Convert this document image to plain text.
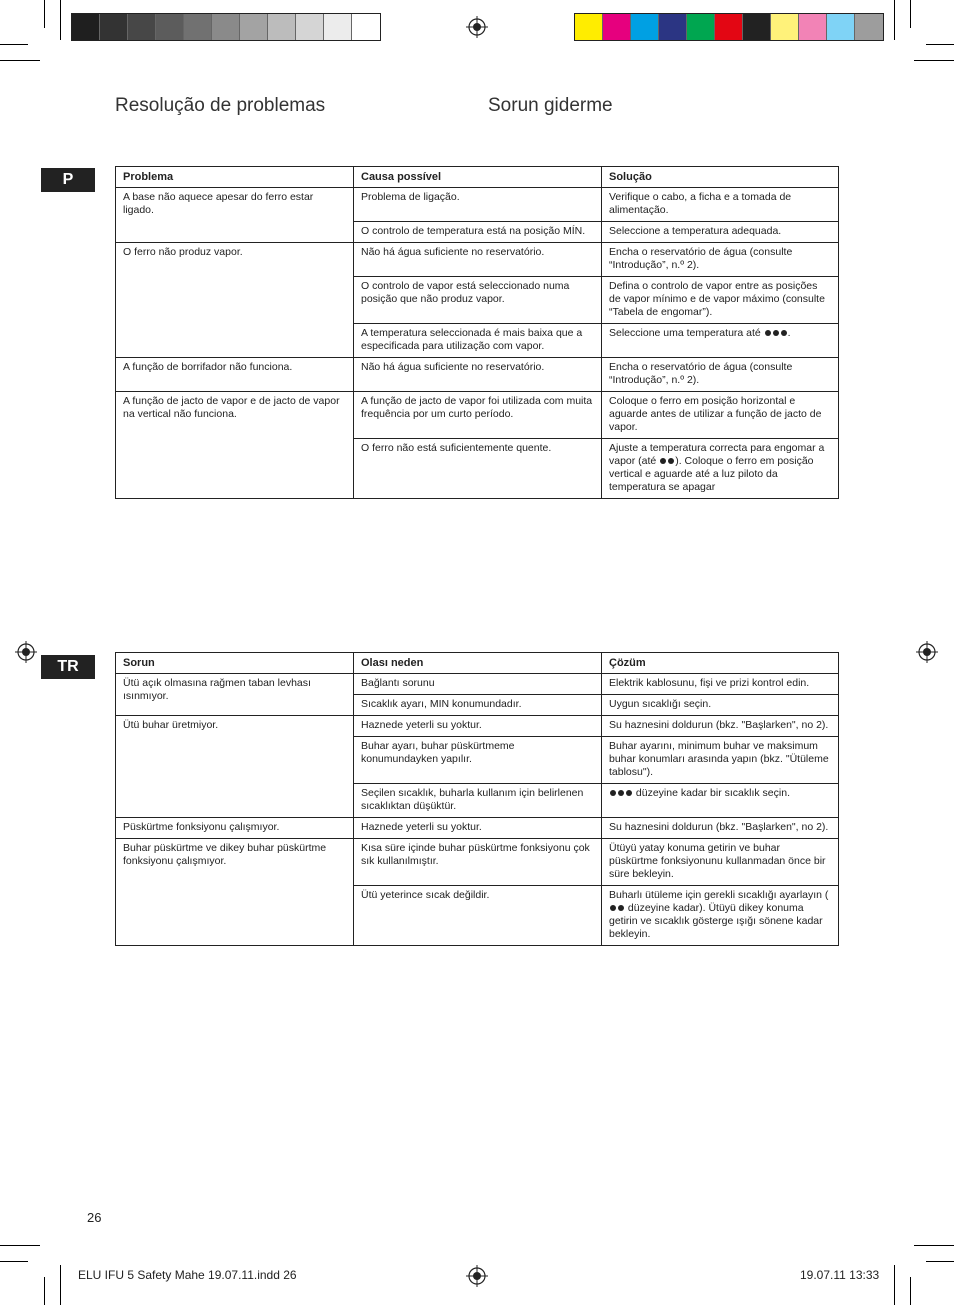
Resolução de problemas	Sorun giderme
P
TR
Problema	Causa possível	Solução
A base não aquece apesar do ferro estar ligado.	Problema de ligação.	Verifique o cabo, a ficha e a tomada de alimentação.
	O controlo de temperatura está na posição MÍN.	Seleccione a temperatura adequada.
O ferro não produz vapor.	Não há água suficiente no reservatório.	Encha o reservatório de água (consulte “Introdução”, n.º 2).
	O controlo de vapor está seleccionado numa posição que não produz vapor.	Defina o controlo de vapor entre as posições de vapor mínimo e de vapor máximo (consulte “Tabela de engomar”).
	A temperatura seleccionada é mais baixa que a especificada para utilização com vapor.	Seleccione uma temperatura até .
A função de borrifador não funciona.	Não há água suficiente no reservatório.	Encha o reservatório de água (consulte “Introdução”, n.º 2).
A função de jacto de vapor e de jacto de vapor na vertical não funciona.	A função de jacto de vapor foi utilizada com muita frequência por um curto período.	Coloque o ferro em posição horizontal e aguarde antes de utilizar a função de jacto de vapor.
	O ferro não está suficientemente quente.	Ajuste a temperatura correcta para engomar a vapor (até ). Coloque o ferro em posição vertical e aguarde até a luz piloto da temperatura se apagar
Sorun	Olası neden	Çözüm
Ütü açık olmasına rağmen taban levhası ısınmıyor.	Bağlantı sorunu	Elektrik kablosunu, fişi ve prizi kontrol edin.
	Sıcaklık ayarı, MIN konumundadır.	Uygun sıcaklığı seçin.
Ütü buhar üretmiyor.	Haznede yeterli su yoktur.	Su haznesini doldurun (bkz. "Başlarken", no 2).
	Buhar ayarı, buhar püskürtmeme konumundayken yapılır.	Buhar ayarını, minimum buhar ve maksimum buhar konumları arasında yapın (bkz. "Ütüleme tablosu").
	Seçilen sıcaklık, buharla kullanım için belirlenen sıcaklıktan düşüktür.	düzeyine kadar bir sıcaklık seçin.
Püskürtme fonksiyonu çalışmıyor.	Haznede yeterli su yoktur.	Su haznesini doldurun (bkz. "Başlarken", no 2).
Buhar püskürtme ve dikey buhar püskürtme fonksiyonu çalışmıyor.	Kısa süre içinde buhar püskürtme fonksiyonu çok sık kullanılmıştır.	Ütüyü yatay konuma getirin ve buhar püskürtme fonksiyonunu kullanmadan önce bir süre bekleyin.
	Ütü yeterince sıcak değildir.	Buharlı ütüleme için gerekli sıcaklığı ayarlayın (  düzeyine kadar). Ütüyü dikey konuma getirin ve sıcaklık gösterge ışığı sönene kadar bekleyin.
26
ELU IFU 5 Safety Mahe 19.07.11.indd 26	19.07.11 13:33
